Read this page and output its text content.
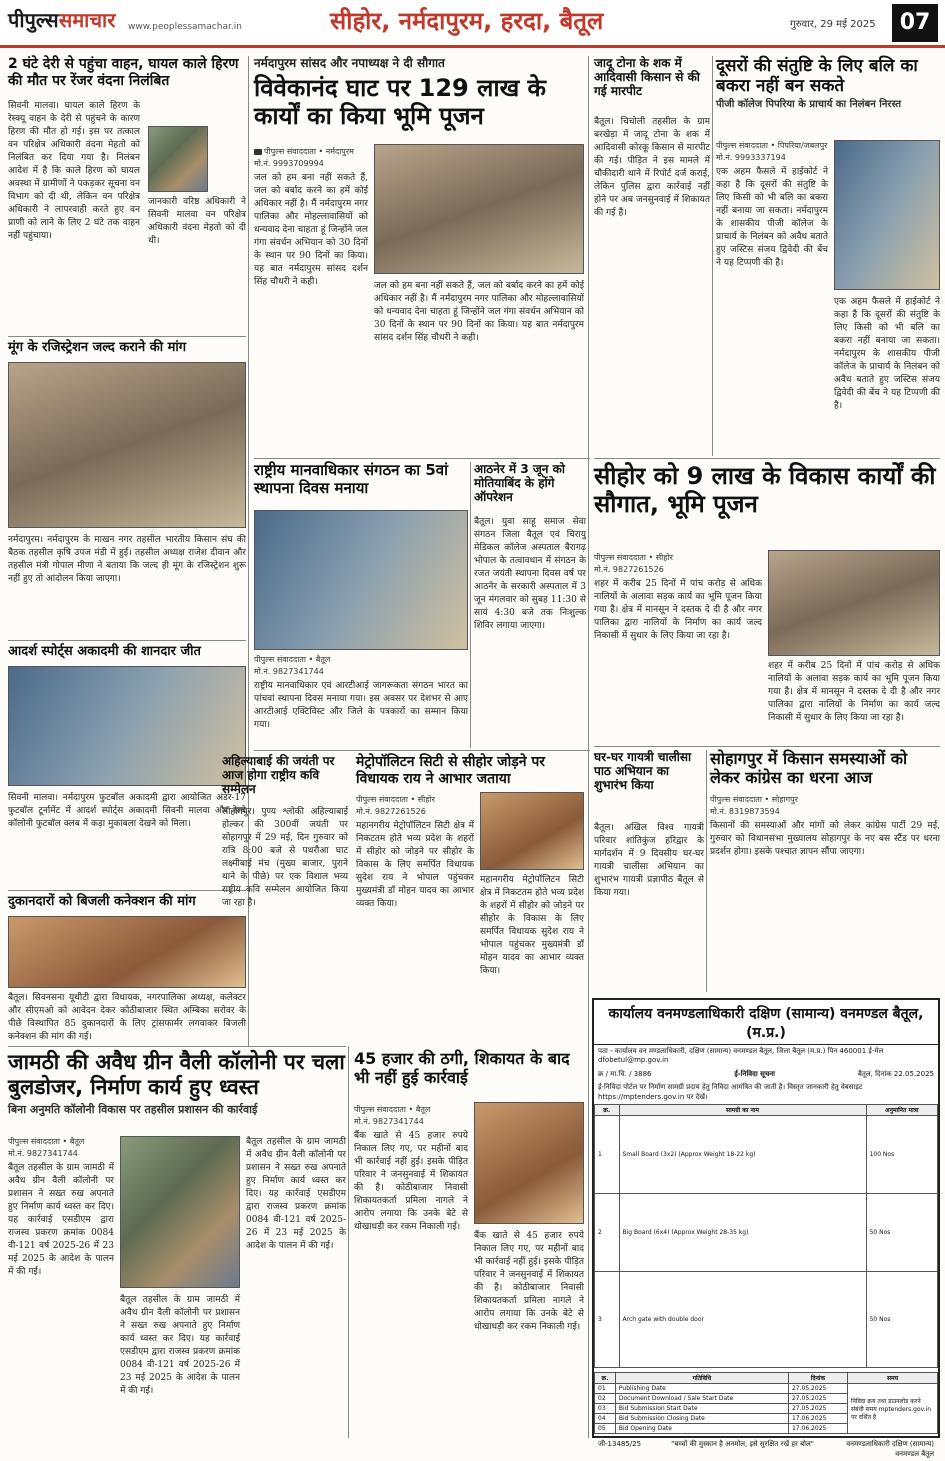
पीपुल्ससमाचार www.peoplessamachar.in	सीहोर, नर्मदापुरम, हरदा, बैतूल	गुरुवार, 29 मई 2025	07
2 घंटे देरी से पहुंचा वाहन, घायल काले हिरण की मौत पर रेंजर वंदना निलंबित
सिवनी मालवा। घायल काले हिरण के रेस्क्यू वाहन के देरी से पहुंचने के कारण हिरण की मौत हो गई। इस पर तत्काल वन परिक्षेत्र अधिकारी वंदना मेहतो को निलंबित कर दिया गया है। निलंबन आदेश में है कि काले हिरण को घायल अवस्था में ग्रामीणों ने पकड़कर सूचना वन विभाग को दी थी, लेकिन वन परिक्षेत्र अधिकारी ने लापरवाही करते हुए वन प्राणी को लाने के लिए 2 घंटे तक वाहन नहीं पहुंचाया।
जानकारी वरिष्ठ अधिकारी ने सिवनी मालवा वन परिक्षेत्र अधिकारी वंदना मेहतो को दी थी।
मूंग के रजिस्ट्रेशन जल्द कराने की मांग
नर्मदापुरम। नर्मदापुरम के माखन नगर तहसील भारतीय किसान संघ की बैठक तहसील कृषि उपज मंडी में हुई। तहसील अध्यक्ष राजेश दीवान और तहसील मंत्री गोपाल मीणा ने बताया कि जल्द ही मूंग के रजिस्ट्रेशन शुरू नहीं हुए तो आंदोलन किया जाएगा।
आदर्श स्पोर्ट्स अकादमी की शानदार जीत
सिवनी मालवा। नर्मदापुरम फुटबॉल अकादमी द्वारा आयोजित अंडर-17 फुटबॉल टूर्नामेंट में आदर्श स्पोर्ट्स अकादमी सिवनी मालवा और रेल्वे कॉलोनी फुटबॉल क्लब में कड़ा मुकाबला देखने को मिला।
दुकानदारों को बिजली कनेक्शन की मांग
बैतूल। सिवनसना यूथीटी द्वारा विधायक, नगरपालिका अध्यक्ष, कलेक्टर और सीएमओ को आवेदन देकर कोठीबाजार स्थित अम्बिका सरोवर के पीछे विस्थापित 85 दुकानदारों के लिए ट्रांसफार्मर लगवाकर बिजली कनेक्शन की मांग की गई।
नर्मदापुरम सांसद और नपाध्यक्ष ने दी सौगात
विवेकानंद घाट पर 129 लाख के कार्यों का किया भूमि पूजन
पीपुल्स संवाददाता • नर्मदापुरम
मो.नं. 9993709994
जल को हम बना नहीं सकते हैं, जल को बर्बाद करने का हमें कोई अधिकार नहीं है। मैं नर्मदापुरम नगर पालिका और मोहल्लावासियों को धन्यवाद देना चाहता हूं जिन्होंने जल गंगा संवर्धन अभियान को 30 दिनों के स्थान पर 90 दिनों का किया। यह बात नर्मदापुरम सांसद दर्शन सिंह चौधरी ने कही।	जल को हम बना नहीं सकते हैं, जल को बर्बाद करने का हमें कोई अधिकार नहीं है। मैं नर्मदापुरम नगर पालिका और मोहल्लावासियों को धन्यवाद देना चाहता हूं जिन्होंने जल गंगा संवर्धन अभियान को 30 दिनों के स्थान पर 90 दिनों का किया। यह बात नर्मदापुरम सांसद दर्शन सिंह चौधरी ने कही।
राष्ट्रीय मानवाधिकार संगठन का 5वां स्थापना दिवस मनाया
पीपुल्स संवाददाता • बैतूल
मो.नं. 9827341744
राष्ट्रीय मानवाधिकार एवं आरटीआई जागरूकता संगठन भारत का पांचवां स्थापना दिवस मनाया गया। इस अवसर पर देशभर से आए आरटीआई एक्टिविस्ट और जिले के पत्रकारों का सम्मान किया गया।
अहिल्याबाई की जयंती पर आज होगा राष्ट्रीय कवि सम्मेलन
सोहागपुर। पुण्य श्लोकी अहिल्याबाई होल्कर की 300वीं जयंती पर सोहागपुर में 29 मई, दिन गुरुवार को रात्रि 8:00 बजे से पथरौआ घाट लक्ष्मीबाई मंच (मुख्य बाजार, पुराने थाने के पीछे) पर एक विशाल भव्य राष्ट्रीय कवि सम्मेलन आयोजित किया जा रहा है।
मेट्रोपॉलिटन सिटी से सीहोर जोड़ने पर विधायक राय ने आभार जताया
पीपुल्स संवाददाता • सीहोर
मो.नं. 9827261526
महानगरीय मेट्रोपॉलिटन सिटी क्षेत्र में निकटतम होते भव्य प्रदेश के शहरों में सीहोर को जोड़ने पर सीहोर के विकास के लिए समर्पित विधायक सुदेश राय ने भोपाल पहुंचकर मुख्यमंत्री डॉ मोहन यादव का आभार व्यक्त किया।
महानगरीय मेट्रोपॉलिटन सिटी क्षेत्र में निकटतम होते भव्य प्रदेश के शहरों में सीहोर को जोड़ने पर सीहोर के विकास के लिए समर्पित विधायक सुदेश राय ने भोपाल पहुंचकर मुख्यमंत्री डॉ मोहन यादव का आभार व्यक्त किया।
जामठी की अवैध ग्रीन वैली कॉलोनी पर चला बुलडोजर, निर्माण कार्य हुए ध्वस्त
बिना अनुमति कॉलोनी विकास पर तहसील प्रशासन की कार्रवाई
पीपुल्स संवाददाता • बैतूल
मो.नं. 9827341744
बैतूल तहसील के ग्राम जामठी में अवैध ग्रीन वैली कॉलोनी पर प्रशासन ने सख्त रुख अपनाते हुए निर्माण कार्य ध्वस्त कर दिए। यह कार्रवाई एसडीएम द्वारा राजस्व प्रकरण क्रमांक 0084 वी-121 वर्ष 2025-26 में 23 मई 2025 के आदेश के पालन में की गई।
बैतूल तहसील के ग्राम जामठी में अवैध ग्रीन वैली कॉलोनी पर प्रशासन ने सख्त रुख अपनाते हुए निर्माण कार्य ध्वस्त कर दिए। यह कार्रवाई एसडीएम द्वारा राजस्व प्रकरण क्रमांक 0084 वी-121 वर्ष 2025-26 में 23 मई 2025 के आदेश के पालन में की गई।
बैतूल तहसील के ग्राम जामठी में अवैध ग्रीन वैली कॉलोनी पर प्रशासन ने सख्त रुख अपनाते हुए निर्माण कार्य ध्वस्त कर दिए। यह कार्रवाई एसडीएम द्वारा राजस्व प्रकरण क्रमांक 0084 वी-121 वर्ष 2025-26 में 23 मई 2025 के आदेश के पालन में की गई।
45 हजार की ठगी, शिकायत के बाद भी नहीं हुई कार्रवाई
पीपुल्स संवाददाता • बैतूल
मो.नं. 9827341744
बैंक खाते से 45 हजार रुपये निकाल लिए गए, पर महीनों बाद भी कार्रवाई नहीं हुई। इसके पीड़ित परिवार ने जनसुनवाई में शिकायत की है। कोठीबाजार निवासी शिकायतकर्ता प्रमिला नागले ने आरोप लगाया कि उनके बेटे से धोखाधड़ी कर रकम निकाली गई।
बैंक खाते से 45 हजार रुपये निकाल लिए गए, पर महीनों बाद भी कार्रवाई नहीं हुई। इसके पीड़ित परिवार ने जनसुनवाई में शिकायत की है। कोठीबाजार निवासी शिकायतकर्ता प्रमिला नागले ने आरोप लगाया कि उनके बेटे से धोखाधड़ी कर रकम निकाली गई।
जादू टोना के शक में आदिवासी किसान से की गई मारपीट
बैतूल। चिचोली तहसील के ग्राम बरखेड़ा में जादू टोना के शक में आदिवासी कोरकू किसान से मारपीट की गई। पीड़ित ने इस मामले में चौकीदारी थाने में रिपोर्ट दर्ज कराई, लेकिन पुलिस द्वारा कार्रवाई नहीं होने पर अब जनसुनवाई में शिकायत की गई है।
आठनेर में 3 जून को मोतियाबिंद के होंगे ऑपरेशन
बैतूल। युवा साहू समाज सेवा संगठन जिला बैतूल एवं चिरायु मेडिकल कॉलेज अस्पताल बैरागढ़ भोपाल के तत्वावधान में संगठन के रजत जयंती स्थापना दिवस वर्ष पर आठनेर के सरकारी अस्पताल में 3 जून मंगलवार को सुबह 11:30 से सायं 4:30 बजे तक निःशुल्क शिविर लगाया जाएगा।
दूसरों की संतुष्टि के लिए बलि का बकरा नहीं बन सकते
पीजी कॉलेज पिपरिया के प्राचार्य का निलंबन निरस्त
पीपुल्स संवाददाता • पिपरिया/जबलपुर
मो.नं. 9993337194
एक अहम फैसले में हाईकोर्ट ने कहा है कि दूसरों की संतुष्टि के लिए किसी को भी बलि का बकरा नहीं बनाया जा सकता। नर्मदापुरम के शासकीय पीजी कॉलेज के प्राचार्य के निलंबन को अवैध बताते हुए जस्टिस संजय द्विवेदी की बेंच ने यह टिप्पणी की है।
एक अहम फैसले में हाईकोर्ट ने कहा है कि दूसरों की संतुष्टि के लिए किसी को भी बलि का बकरा नहीं बनाया जा सकता। नर्मदापुरम के शासकीय पीजी कॉलेज के प्राचार्य के निलंबन को अवैध बताते हुए जस्टिस संजय द्विवेदी की बेंच ने यह टिप्पणी की है।
सीहोर को 9 लाख के विकास कार्यों की सौगात, भूमि पूजन
पीपुल्स संवाददाता • सीहोर
मो.नं. 9827261526
शहर में करीब 25 दिनों में पांच करोड़ से अधिक नालियों के अलावा सड़क कार्य का भूमि पूजन किया गया है। क्षेत्र में मानसून ने दस्तक दे दी है और नगर पालिका द्वारा नालियों के निर्माण का कार्य जल्द निकासी में सुधार के लिए किया जा रहा है।
शहर में करीब 25 दिनों में पांच करोड़ से अधिक नालियों के अलावा सड़क कार्य का भूमि पूजन किया गया है। क्षेत्र में मानसून ने दस्तक दे दी है और नगर पालिका द्वारा नालियों के निर्माण का कार्य जल्द निकासी में सुधार के लिए किया जा रहा है।
घर-घर गायत्री चालीसा पाठ अभियान का शुभारंभ किया
बैतूल। अखिल विश्व गायत्री परिवार शांतिकुंज हरिद्वार के मार्गदर्शन में 9 दिवसीय घर-घर गायत्री चालीसा अभियान का शुभारंभ गायत्री प्रज्ञापीठ बैतूल से किया गया।
सोहागपुर में किसान समस्याओं को लेकर कांग्रेस का धरना आज
पीपुल्स संवाददाता • सोहागपुर
मो.नं. 8319873594
किसानों की समस्याओं और मांगों को लेकर कांग्रेस पार्टी 29 मई, गुरुवार को विधानसभा मुख्यालय सोहागपुर के नए बस स्टैंड पर धरना प्रदर्शन होगा। इसके पश्चात ज्ञापन सौंपा जाएगा।
कार्यालय वनमण्डलाधिकारी दक्षिण (सामान्य) वनमण्डल बैतूल, (म.प्र.)
पता - कार्यालय वन मण्डलाधिकारी, दक्षिण (सामान्य) वनमण्डल बैतूल, जिला बैतूल (म.प्र.) पिन 460001 ई-मेल dfobetul@mp.gov.in
क्र / मा.चि. / 3886	ई-निविदा सूचना	बैतूल, दिनांक 22.05.2025
ई-निविदा पोर्टल पर निर्माण सामग्री प्रदाय हेतु निविदा आमंत्रित की जाती है। विस्तृत जानकारी हेतु वेबसाइट https://mptenders.gov.in पर देखें।
क्र.	सामग्री का नाम	अनुमानित मात्रा
1	Small Board (3x2) (Approx Weight 18-22 kg)	100 Nos
2	Big Board (6x4) (Approx Weight 28-35 kg)	50 Nos
3	Arch gate with double door	50 Nos
क्र.	गतिविधि	दिनांक	समय
01	Publishing Date	27.05.2025	निविदा क्रय तथा डाउनलोड करने संबंधी समय mptenders.gov.in पर दर्शित है
02	Document Download / Sale Start Date	27.05.2025	
03	Bid Submission Start Date	27.05.2025	
04	Bid Submission Closing Date	17.06.2025	
05	Bid Opening Date	17.06.2025	
जी-13485/25	"बच्चों की मुस्कान है अनमोल, इसे सुरक्षित रखें हर बोल"	वनमण्डलाधिकारी दक्षिण (सामान्य) वनमण्डल बैतूल
